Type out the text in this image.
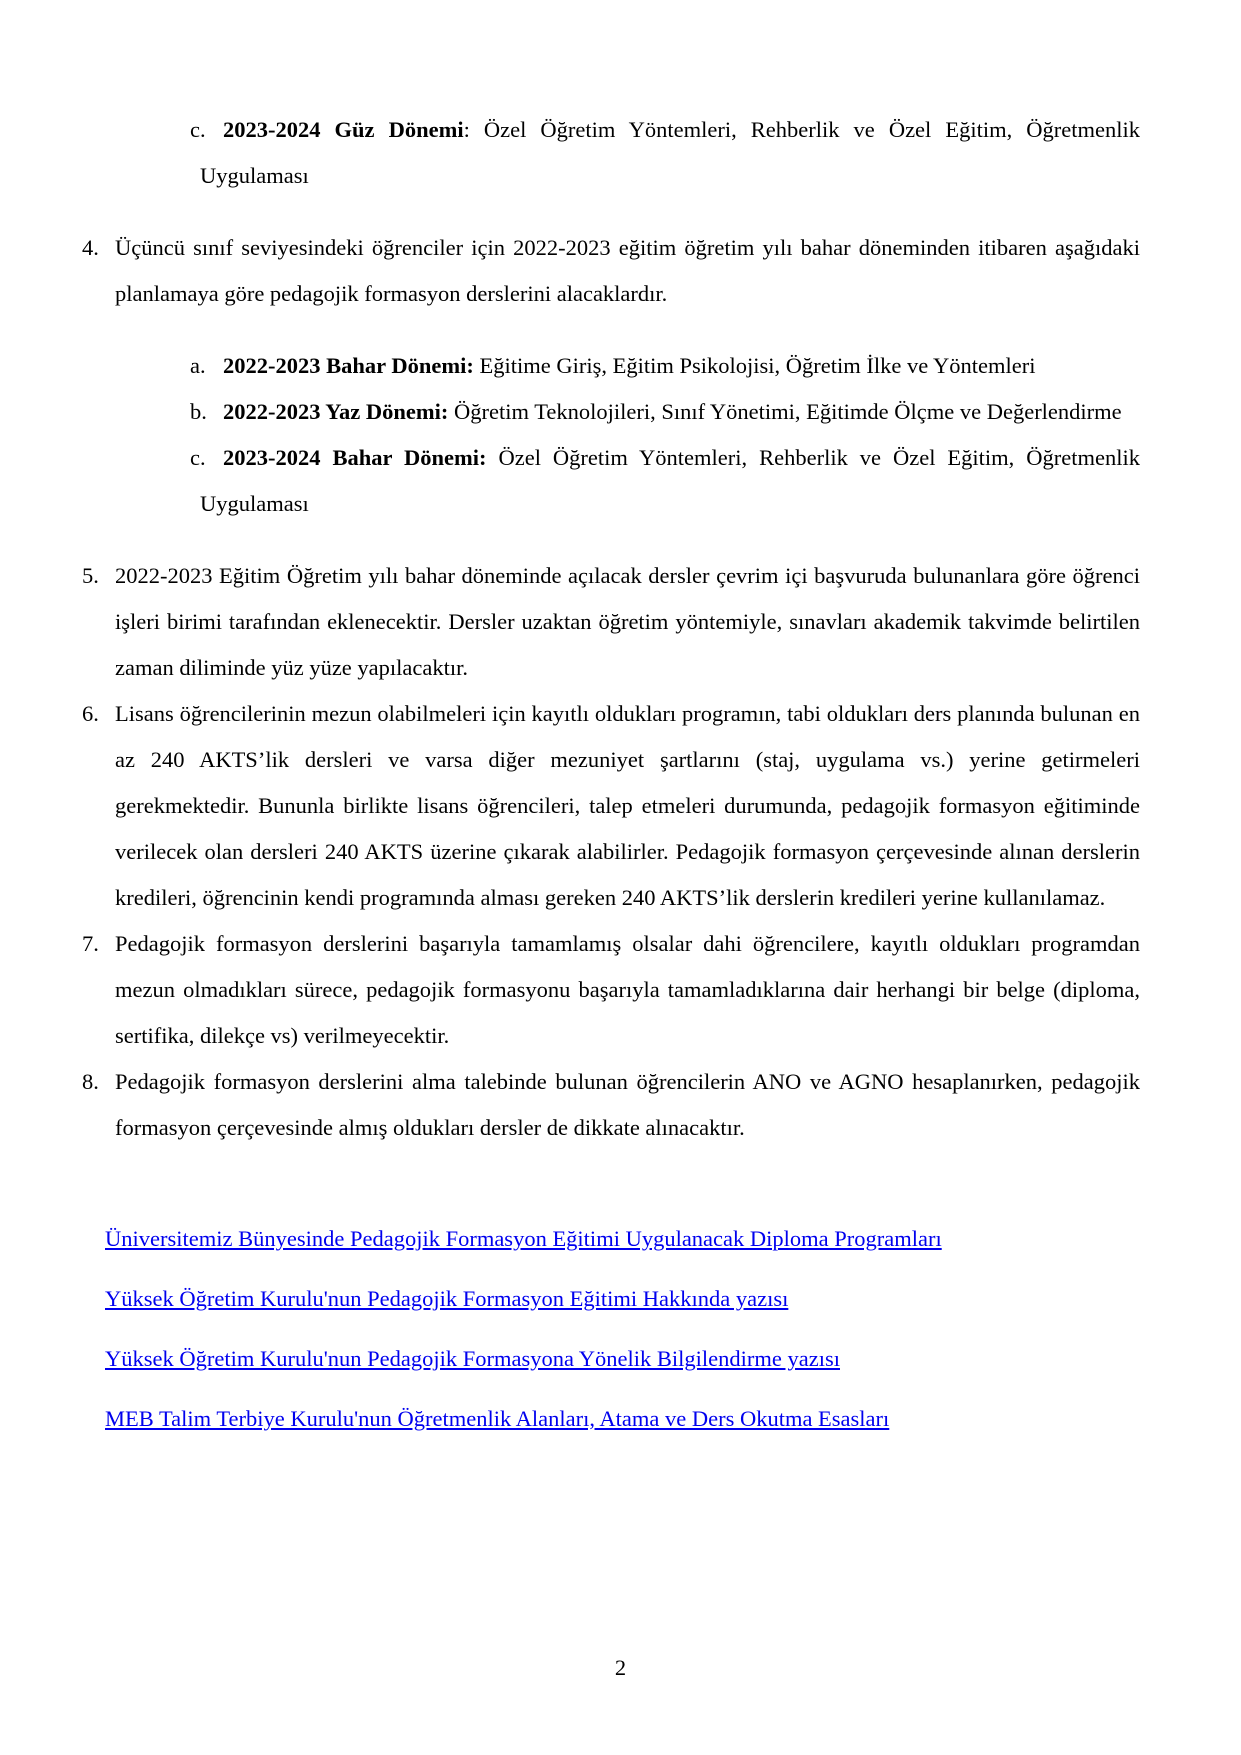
c. 2023-2024 Güz Dönemi: Özel Öğretim Yöntemleri, Rehberlik ve Özel Eğitim, Öğretmenlik Uygulaması

4. Üçüncü sınıf seviyesindeki öğrenciler için 2022-2023 eğitim öğretim yılı bahar döneminden itibaren aşağıdaki planlamaya göre pedagojik formasyon derslerini alacaklardır.

a. 2022-2023 Bahar Dönemi: Eğitime Giriş, Eğitim Psikolojisi, Öğretim İlke ve Yöntemleri

b. 2022-2023 Yaz Dönemi: Öğretim Teknolojileri, Sınıf Yönetimi, Eğitimde Ölçme ve Değerlendirme

c. 2023-2024 Bahar Dönemi: Özel Öğretim Yöntemleri, Rehberlik ve Özel Eğitim, Öğretmenlik Uygulaması

5. 2022-2023 Eğitim Öğretim yılı bahar döneminde açılacak dersler çevrim içi başvuruda bulunanlara göre öğrenci işleri birimi tarafından eklenecektir. Dersler uzaktan öğretim yöntemiyle, sınavları akademik takvimde belirtilen zaman diliminde yüz yüze yapılacaktır.

6. Lisans öğrencilerinin mezun olabilmeleri için kayıtlı oldukları programın, tabi oldukları ders planında bulunan en az 240 AKTS’lik dersleri ve varsa diğer mezuniyet şartlarını (staj, uygulama vs.) yerine getirmeleri gerekmektedir. Bununla birlikte lisans öğrencileri, talep etmeleri durumunda, pedagojik formasyon eğitiminde verilecek olan dersleri 240 AKTS üzerine çıkarak alabilirler. Pedagojik formasyon çerçevesinde alınan derslerin kredileri, öğrencinin kendi programında alması gereken 240 AKTS’lik derslerin kredileri yerine kullanılamaz.

7. Pedagojik formasyon derslerini başarıyla tamamlamış olsalar dahi öğrencilere, kayıtlı oldukları programdan mezun olmadıkları sürece, pedagojik formasyonu başarıyla tamamladıklarına dair herhangi bir belge (diploma, sertifika, dilekçe vs) verilmeyecektir.

8. Pedagojik formasyon derslerini alma talebinde bulunan öğrencilerin ANO ve AGNO hesaplanırken, pedagojik formasyon çerçevesinde almış oldukları dersler de dikkate alınacaktır.

Üniversitemiz Bünyesinde Pedagojik Formasyon Eğitimi Uygulanacak Diploma Programları

Yüksek Öğretim Kurulu'nun Pedagojik Formasyon Eğitimi Hakkında yazısı

Yüksek Öğretim Kurulu'nun Pedagojik Formasyona Yönelik Bilgilendirme yazısı

MEB Talim Terbiye Kurulu'nun Öğretmenlik Alanları, Atama ve Ders Okutma Esasları

2
